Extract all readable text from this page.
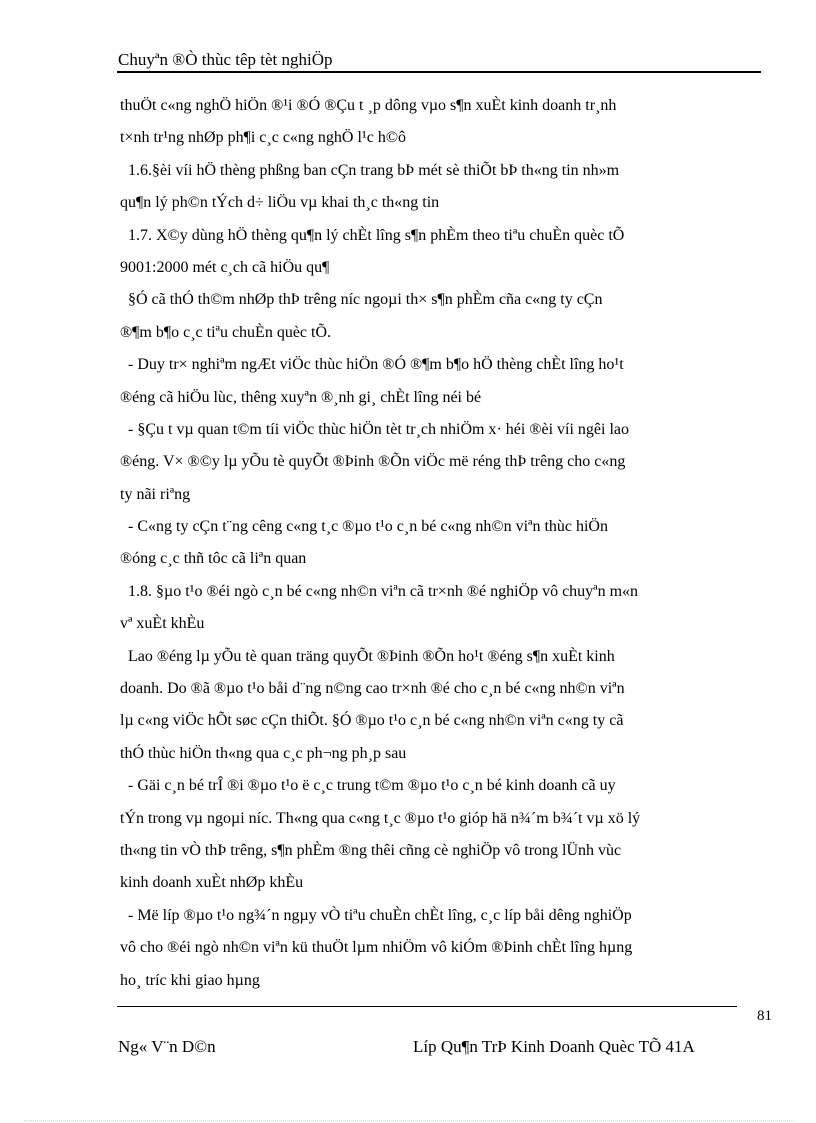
Chuyªn ®Ò thùc têp tèt nghiÖp
thuÖt c«ng nghÖ hiÖn ®¹i ®Ó ®Çu t ¸p dông vµo s¶n xuÈt kinh doanh tr¸nh
t×nh tr¹ng nhØp ph¶i c¸c c«ng nghÖ l¹c h©ô
1.6.§èi víi hÖ thèng phßng ban cÇn trang bÞ mét sè thiÕt bÞ th«ng tin nh»m
qu¶n lý ph©n tÝch d÷ liÖu vµ khai th¸c th«ng tin
1.7. X©y dùng hÖ thèng qu¶n lý chÈt lîng s¶n phÈm theo tiªu chuÈn quèc tÕ
9001:2000 mét c¸ch cã hiÖu qu¶
§Ó cã thÓ th©m nhØp thÞ trêng níc ngoµi th× s¶n phÈm cña c«ng ty cÇn
®¶m b¶o c¸c tiªu chuÈn quèc tÕ.
- Duy tr× nghiªm ngÆt viÖc thùc hiÖn ®Ó ®¶m b¶o hÖ thèng chÈt lîng ho¹t
®éng cã hiÖu lùc, thêng xuyªn ®¸nh gi¸ chÈt lîng néi bé
- §Çu t vµ quan t©m tíi viÖc thùc hiÖn tèt tr¸ch nhiÖm x· héi ®èi víi ngêi lao
®éng. V× ®©y lµ yÕu tè quyÕt ®Þinh ®Õn viÖc më réng thÞ trêng cho c«ng
ty nãi riªng
- C«ng ty cÇn t¨ng cêng c«ng t¸c ®µo t¹o c¸n bé c«ng nh©n viªn thùc hiÖn
®óng c¸c thñ tôc cã liªn quan
1.8. §µo t¹o ®éi ngò c¸n bé c«ng nh©n viªn cã tr×nh ®é nghiÖp vô chuyªn m«n
vª xuÈt khÈu
Lao ®éng lµ yÕu tè quan träng quyÕt ®Þinh ®Õn ho¹t ®éng s¶n xuÈt kinh
doanh. Do ®ã ®µo t¹o båi d¨ng n©ng cao tr×nh ®é cho c¸n bé c«ng nh©n viªn
lµ c«ng viÖc hÕt søc cÇn thiÕt. §Ó ®µo t¹o c¸n bé c«ng nh©n viªn c«ng ty cã
thÓ thùc hiÖn th«ng qua c¸c ph¬ng ph¸p sau
- Gäi c¸n bé trÎ ®i ®µo t¹o ë c¸c trung t©m ®µo t¹o c¸n bé kinh doanh cã uy
tÝn trong vµ ngoµi níc. Th«ng qua c«ng t¸c ®µo t¹o gióp hä n¾´m b¾´t vµ xö lý
th«ng tin vÒ thÞ trêng, s¶n phÈm ®ng thêi cñng cè nghiÖp vô trong lÜnh vùc
kinh doanh xuÈt nhØp khÈu
- Më líp ®µo t¹o ng¾´n ngµy vÒ tiªu chuÈn chÈt lîng, c¸c líp båi dêng nghiÖp
vô cho ®éi ngò nh©n viªn kü thuÖt lµm nhiÖm vô kiÓm ®Þinh chÈt lîng hµng
ho¸ tríc khi giao hµng
81
Ng« V¨n D©n	Líp Qu¶n TrÞ Kinh Doanh Quèc TÕ 41A
